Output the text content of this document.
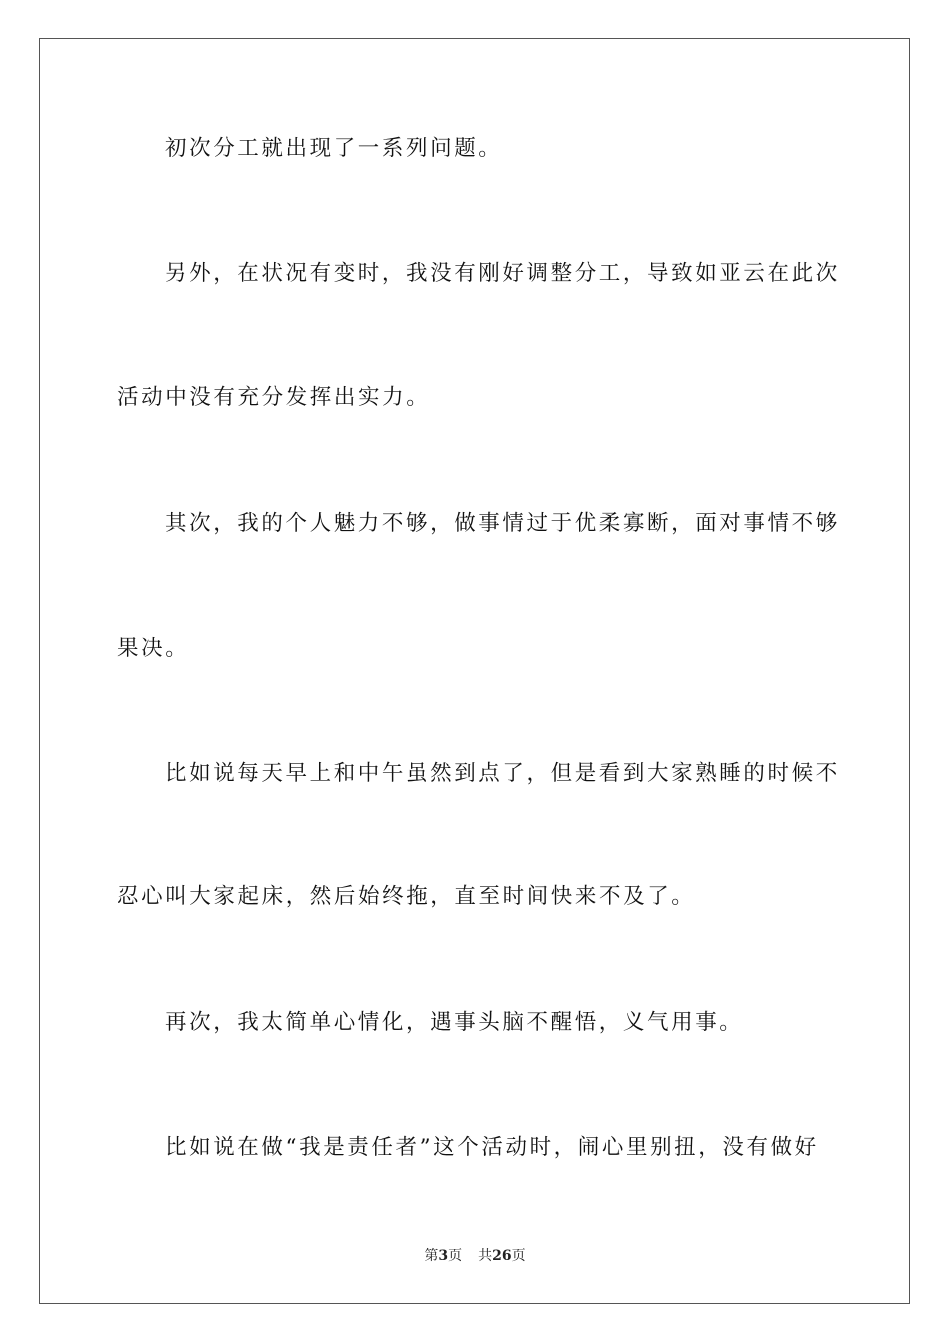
初次分工就出现了一系列问题。

另外，在状况有变时，我没有刚好调整分工，导致如亚云在此次

活动中没有充分发挥出实力。

其次，我的个人魅力不够，做事情过于优柔寡断，面对事情不够

果决。

比如说每天早上和中午虽然到点了，但是看到大家熟睡的时候不

忍心叫大家起床，然后始终拖，直至时间快来不及了。

再次，我太简单心情化，遇事头脑不醒悟，义气用事。

比如说在做“我是责任者”这个活动时，闹心里别扭，没有做好

第3页 共26页
